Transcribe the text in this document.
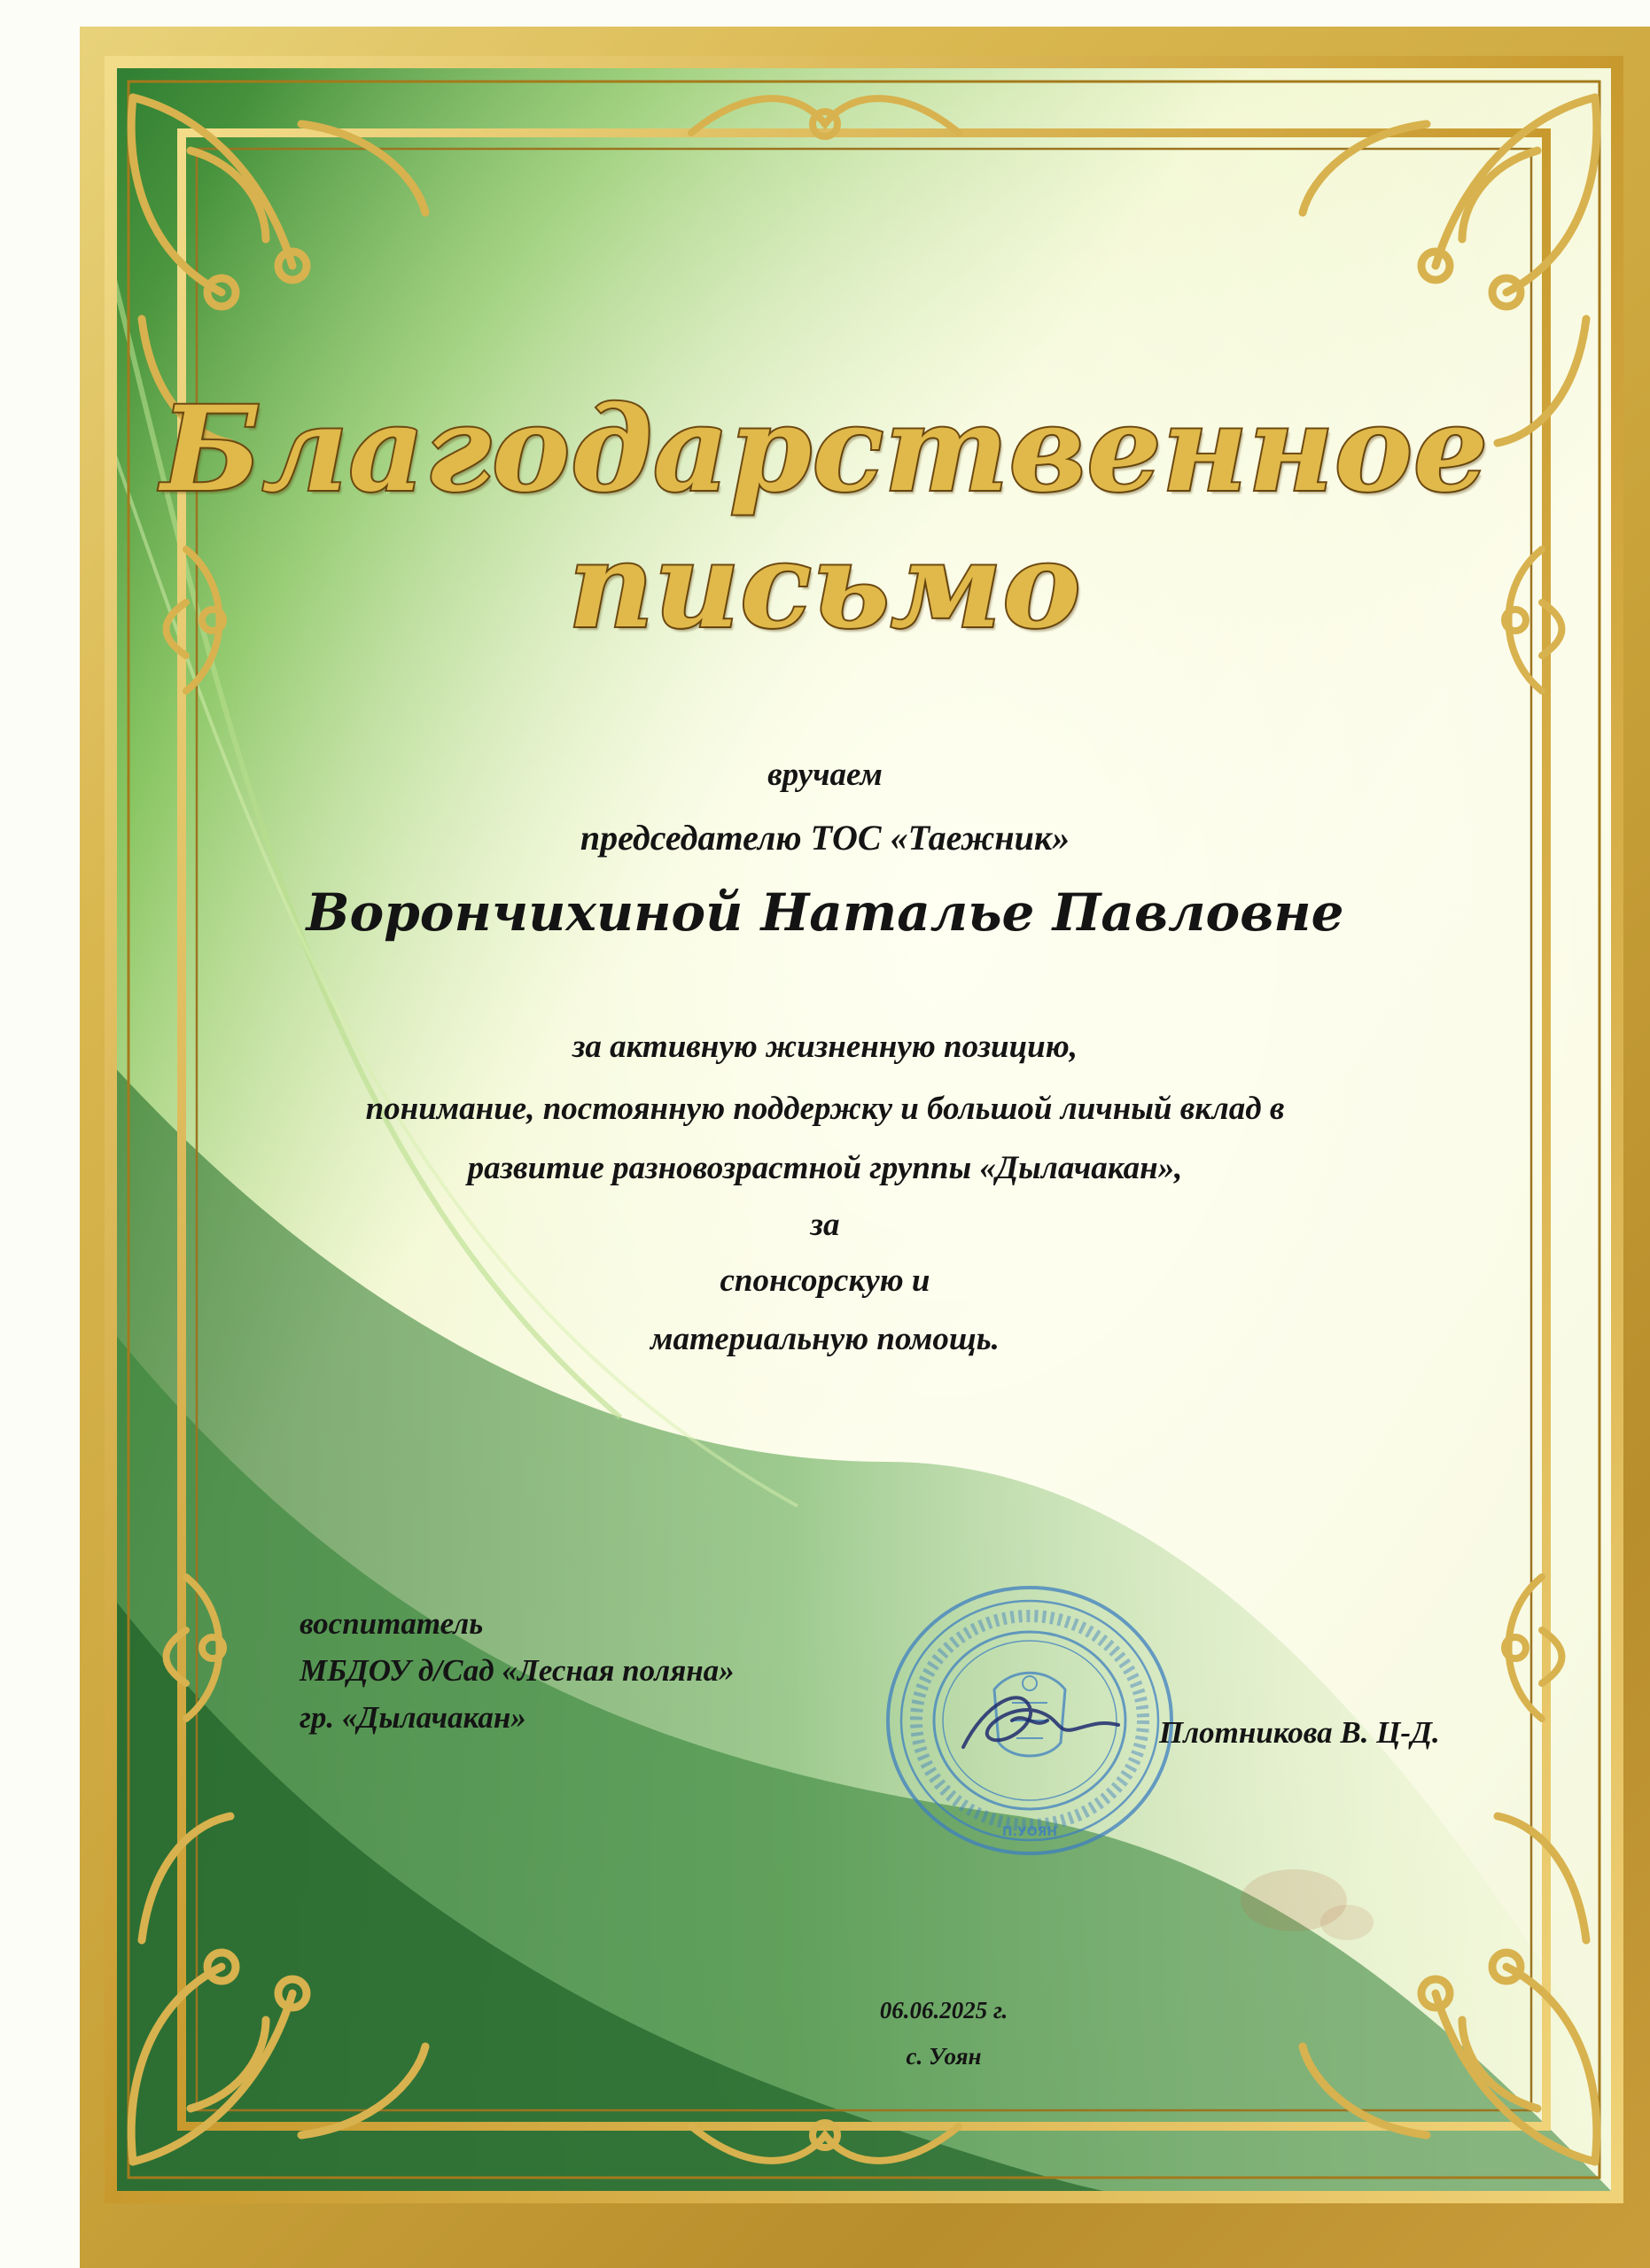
Благодарственное
письмо
вручаем
председателю ТОС «Таежник»
Ворончихиной Наталье Павловне
за активную жизненную позицию,
понимание, постоянную поддержку и большой личный вклад в
развитие разновозрастной группы «Дылачакан»,
за
спонсорскую и
материальную помощь.
П.УОЯН
воспитатель
МБДОУ д/Сад «Лесная поляна»
гр. «Дылачакан»	Плотникова В. Ц-Д.
06.06.2025 г.
с. Уоян
